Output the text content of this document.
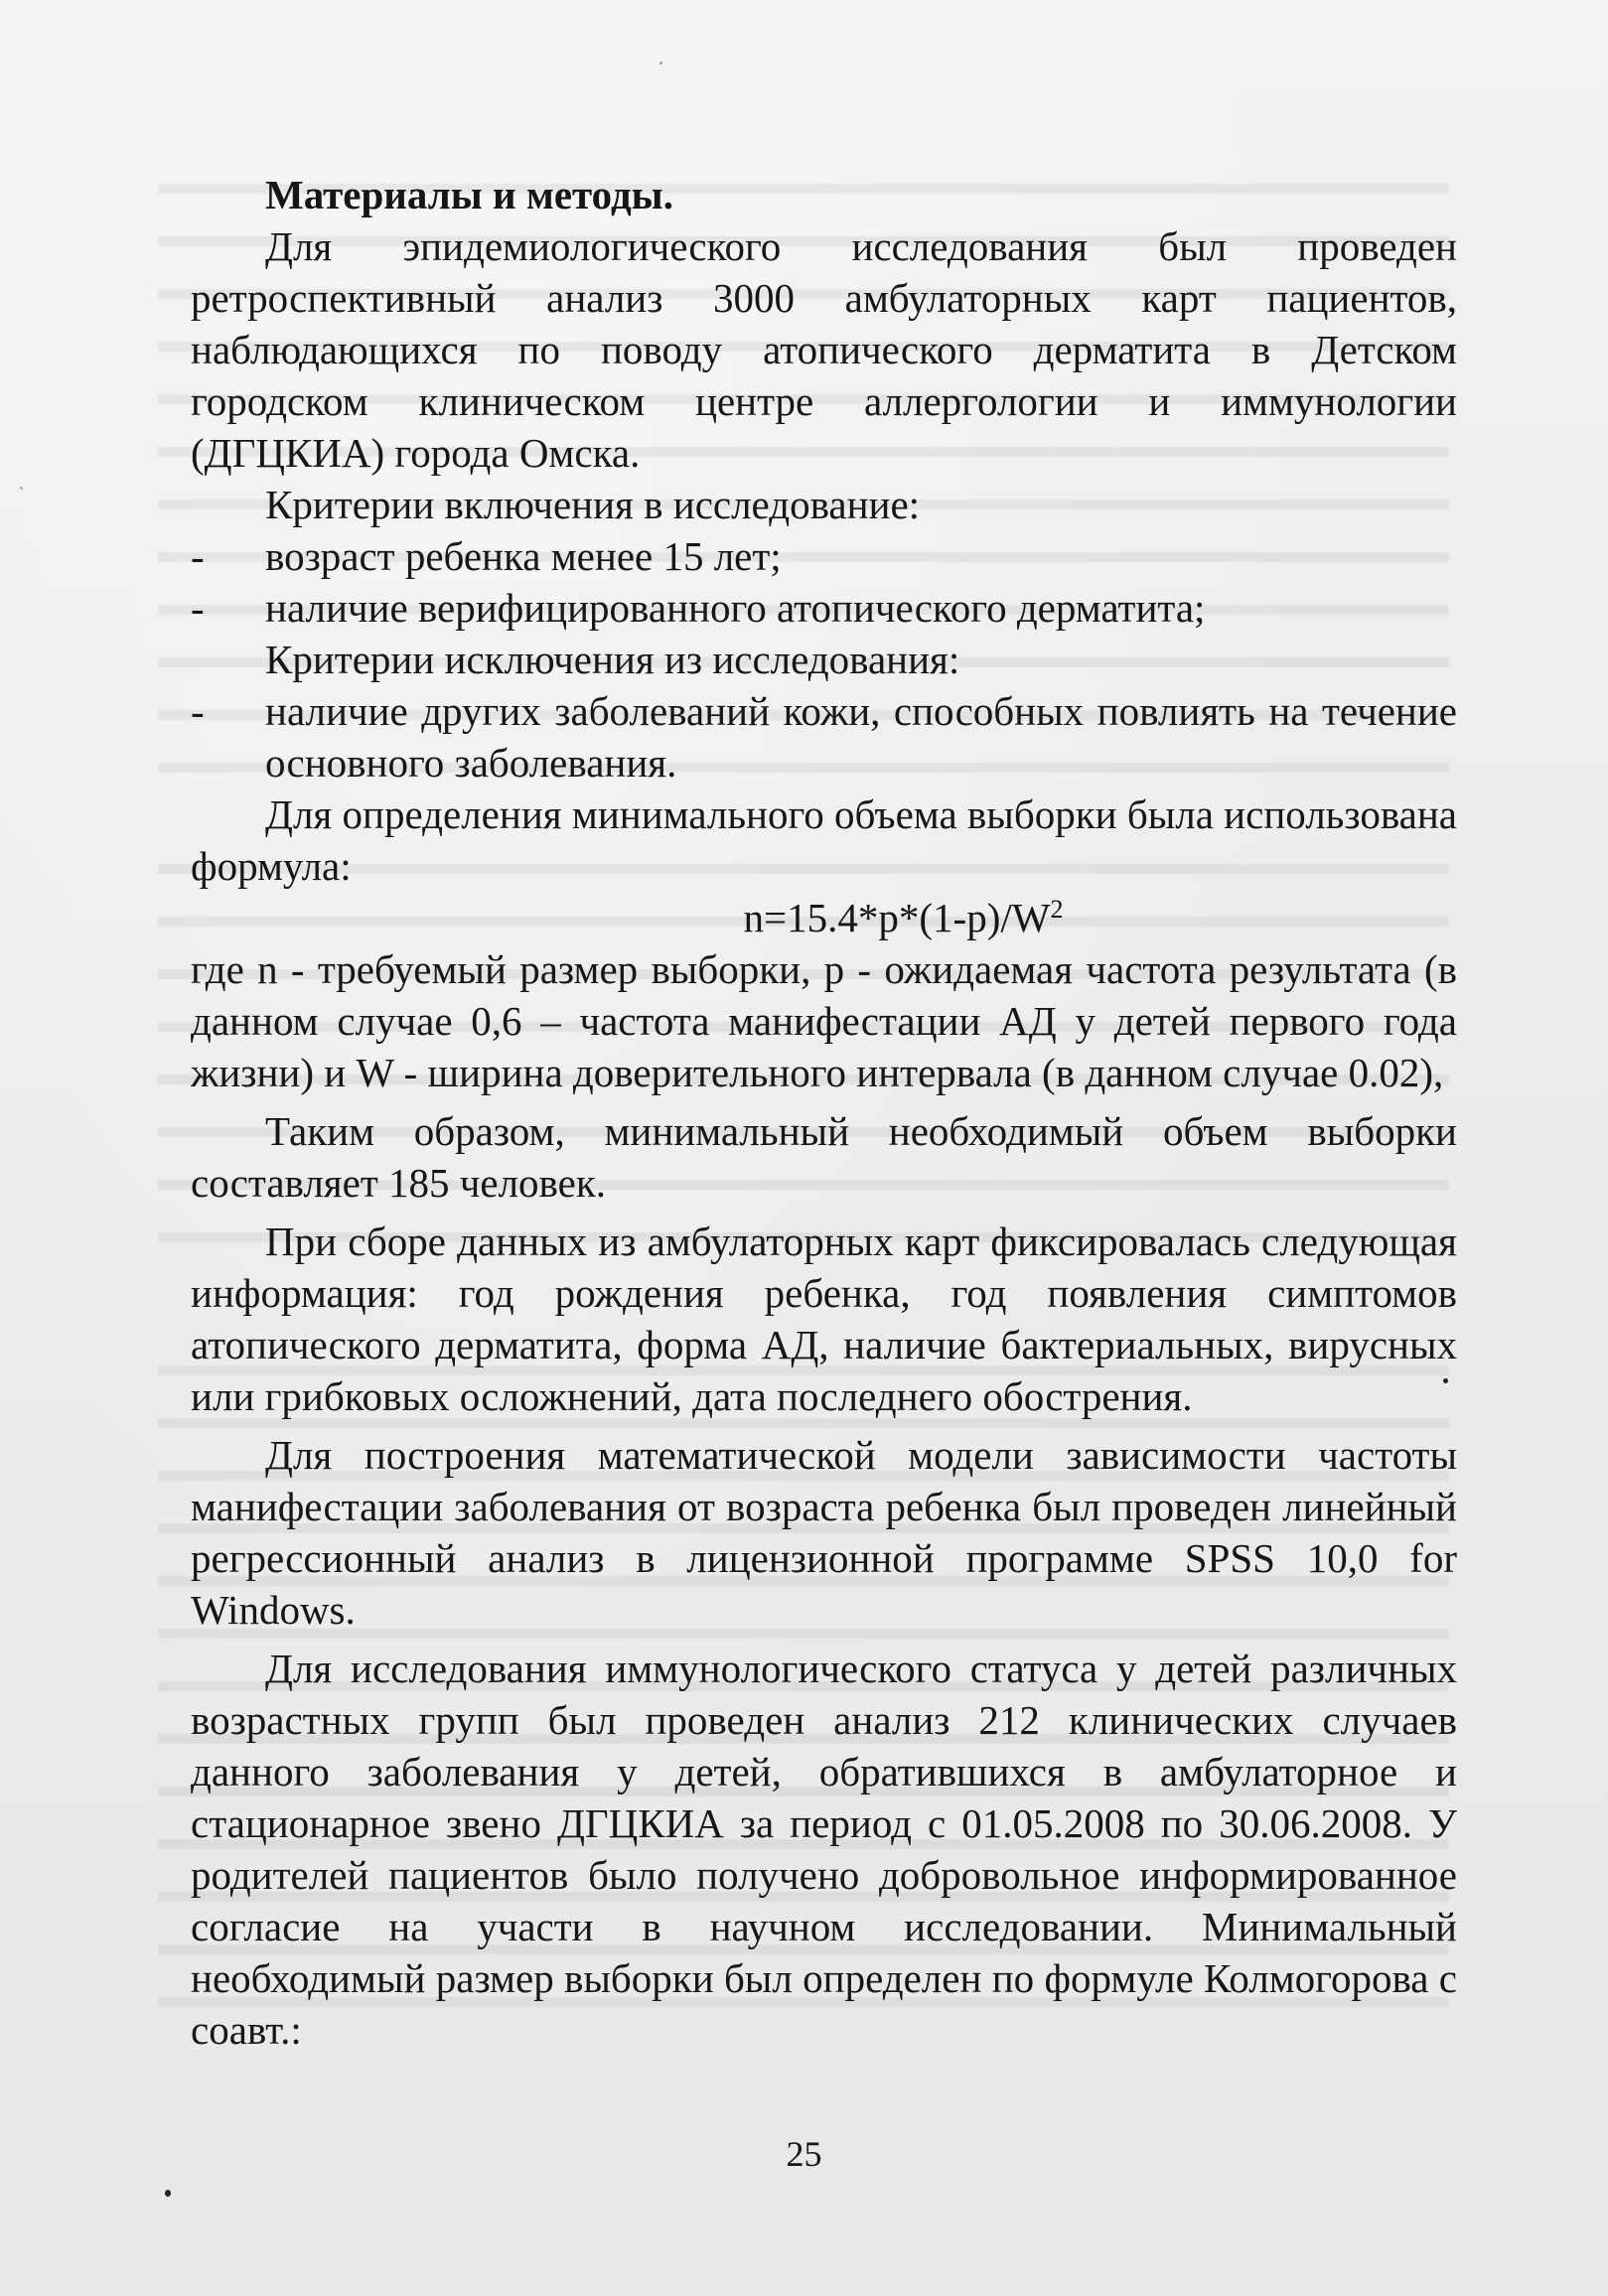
Материалы и методы.
Для эпидемиологического исследования был проведен ретроспективный анализ 3000 амбулаторных карт пациентов, наблюдающихся по поводу атопического дерматита в Детском городском клиническом центре аллергологии и иммунологии (ДГЦКИА) города Омска.
Критерии включения в исследование:
-	возраст ребенка менее 15 лет;
-	наличие верифицированного атопического дерматита;
Критерии исключения из исследования:
-	наличие других заболеваний кожи, способных повлиять на течение основного заболевания.
Для определения минимального объема выборки была использована формула:
$n=15.4*p*(1-p)/W^2$
где n - требуемый размер выборки, p - ожидаемая частота результата (в данном случае 0,6 – частота манифестации АД у детей первого года жизни) и W - ширина доверительного интервала (в данном случае 0.02),
Таким образом, минимальный необходимый объем выборки составляет 185 человек.
При сборе данных из амбулаторных карт фиксировалась следующая информация: год рождения ребенка, год появления симптомов атопического дерматита, форма АД, наличие бактериальных, вирусных или грибковых осложнений, дата последнего обострения.
Для построения математической модели зависимости частоты манифестации заболевания от возраста ребенка был проведен линейный регрессионный анализ в лицензионной программе SPSS 10,0 for Windows.
Для исследования иммунологического статуса у детей различных возрастных групп был проведен анализ 212 клинических случаев данного заболевания у детей, обратившихся в амбулаторное и стационарное звено ДГЦКИА за период с 01.05.2008 по 30.06.2008. У родителей пациентов было получено добровольное информированное согласие на участи в научном исследовании. Минимальный необходимый размер выборки был определен по формуле Колмогорова с соавт.:
25
